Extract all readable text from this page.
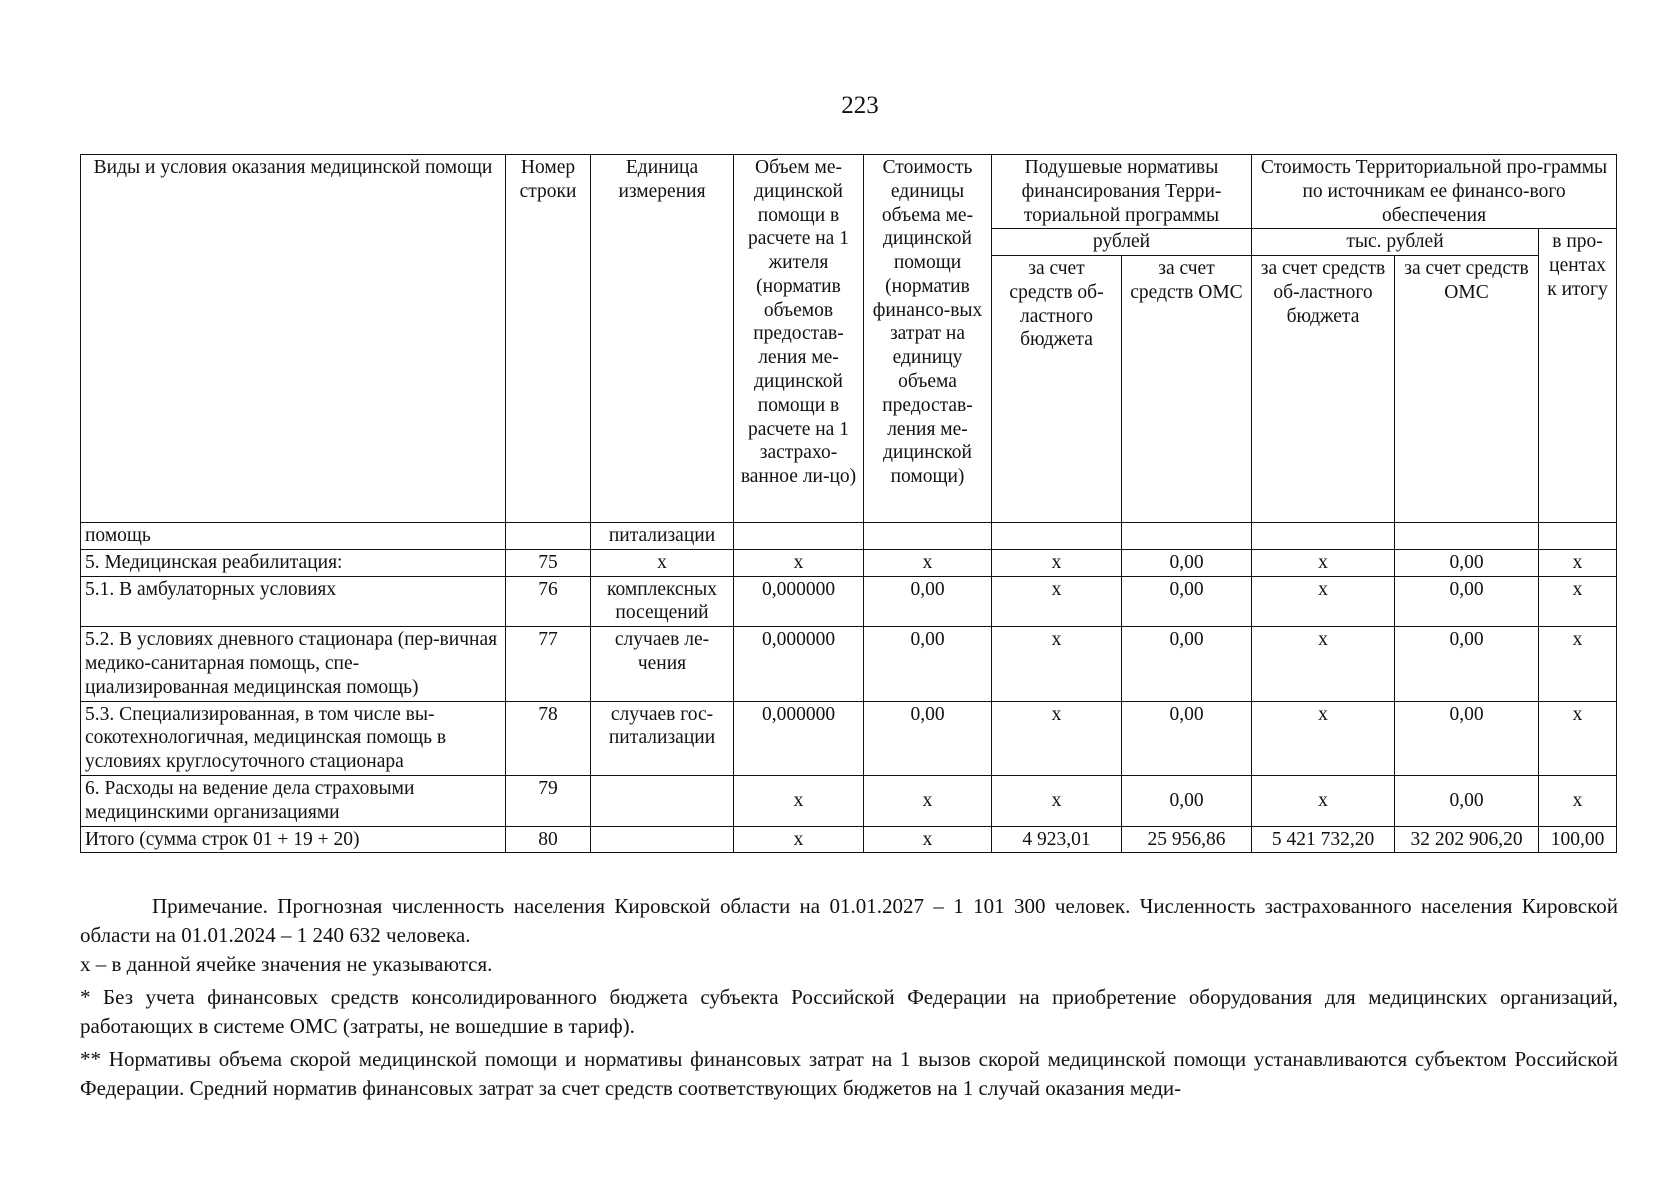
223
Виды и условия оказания медицинской помощи	Номер строки	Единица измерения	Объем ме-дицинской помощи в расчете на 1 жителя (норматив объемов предостав-ления ме-дицинской помощи в расчете на 1 застрахо-ванное ли-цо)	Стоимость единицы объема ме-дицинской помощи (норматив финансо-вых затрат на единицу объема предостав-ления ме-дицинской помощи)	Подушевые нормативы финансирования Терри-ториальной программы		Стоимость Территориальной про-граммы по источникам ее финансо-вого обеспечения		
					рублей		тыс. рублей		в про-центах к итогу
					за счет средств об-ластного бюджета	за счет средств ОМС	за счет средств об-ластного бюджета	за счет средств ОМС	
помощь		питализации							
5. Медицинская реабилитация:	75	x	x	x	x	0,00	x	0,00	x
5.1. В амбулаторных условиях	76	комплексных посещений	0,000000	0,00	x	0,00	x	0,00	x
5.2. В условиях дневного стационара (пер-вичная медико-санитарная помощь, спе-циализированная медицинская помощь)	77	случаев ле-чения	0,000000	0,00	x	0,00	x	0,00	x
5.3. Специализированная, в том числе вы-сокотехнологичная, медицинская помощь в условиях круглосуточного стационара	78	случаев гос-питализации	0,000000	0,00	x	0,00	x	0,00	x
6. Расходы на ведение дела страховыми медицинскими организациями	79		x	x	x	0,00	x	0,00	x
Итого (сумма строк 01 + 19 + 20)	80		x	x	4 923,01	25 956,86	5 421 732,20	32 202 906,20	100,00

Примечание. Прогнозная численность населения Кировской области на 01.01.2027 – 1 101 300 человек. Численность застрахованного населения Кировской области на 01.01.2024 – 1 240 632 человека.

x – в данной ячейке значения не указываются.

* Без учета финансовых средств консолидированного бюджета субъекта Российской Федерации на приобретение оборудования для медицинских организаций, работающих в системе ОМС (затраты, не вошедшие в тариф).

** Нормативы объема скорой медицинской помощи и нормативы финансовых затрат на 1 вызов скорой медицинской помощи устанавливаются субъектом Российской Федерации. Средний норматив финансовых затрат за счет средств соответствующих бюджетов на 1 случай оказания меди-
